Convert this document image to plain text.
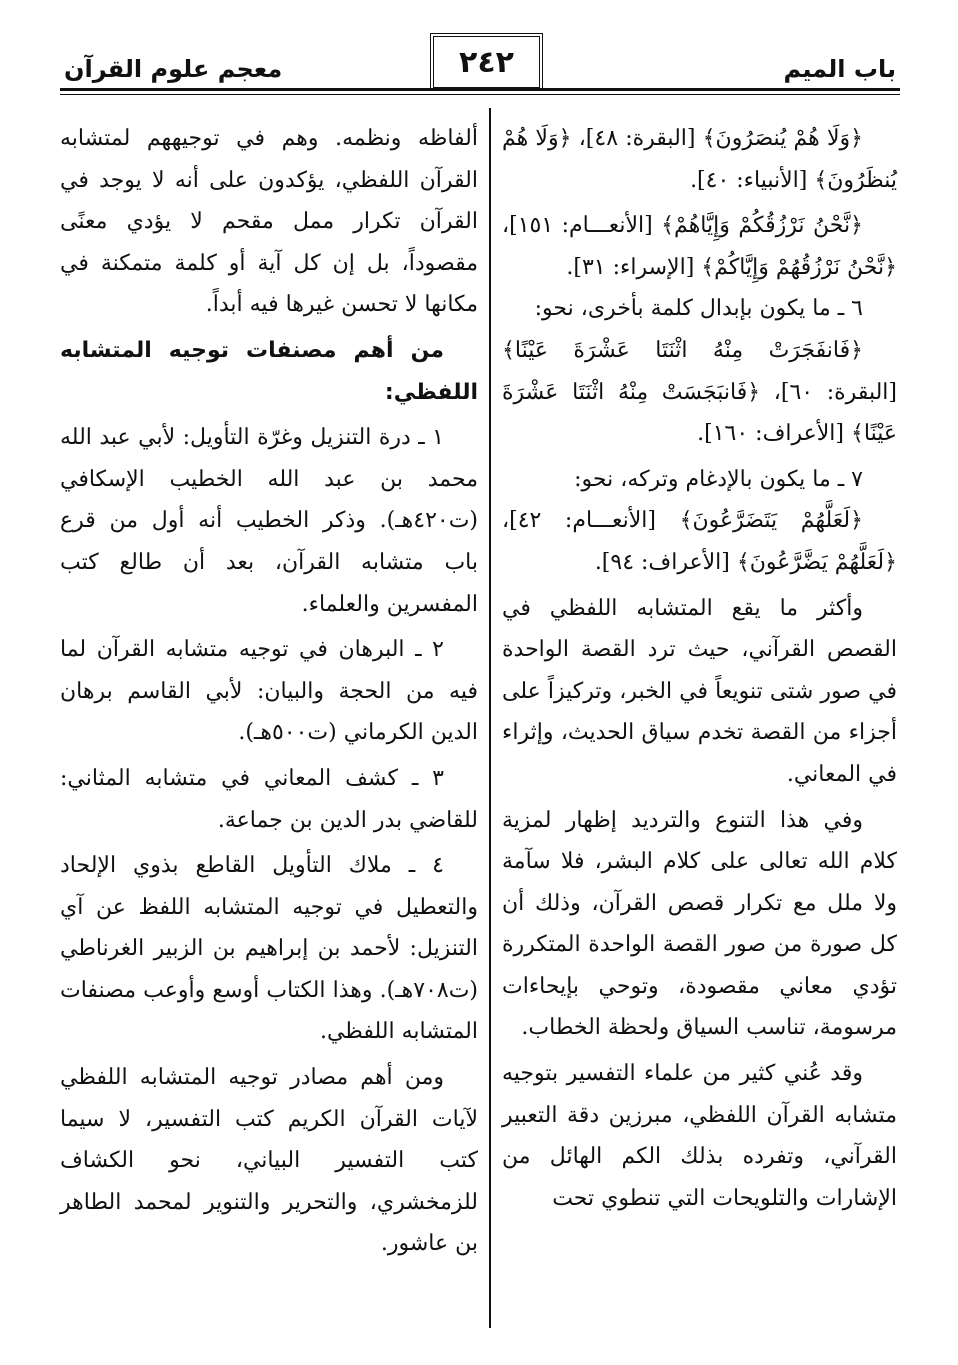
باب الميم
٢٤٢
معجم علوم القرآن

﴿وَلَا هُمْ يُنصَرُونَ﴾ [البقرة: ٤٨]، ﴿وَلَا هُمْ يُنظَرُونَ﴾ [الأنبياء: ٤٠].

﴿نَّحْنُ نَرْزُقُكُمْ وَإِيَّاهُمْ﴾ [الأنعـــام: ١٥١]، ﴿نَّحْنُ نَرْزُقُهُمْ وَإِيَّاكُمْ﴾ [الإسراء: ٣١].

٦ ـ ما يكون بإبدال كلمة بأخرى، نحو:

﴿فَانفَجَرَتْ مِنْهُ اثْنَتَا عَشْرَةَ عَيْنًا﴾ [البقرة: ٦٠]، ﴿فَانبَجَسَتْ مِنْهُ اثْنَتَا عَشْرَةَ عَيْنًا﴾ [الأعراف: ١٦٠].

٧ ـ ما يكون بالإدغام وتركه، نحو:

﴿لَعَلَّهُمْ يَتَضَرَّعُونَ﴾ [الأنعـــام: ٤٢]، ﴿لَعَلَّهُمْ يَضَّرَّعُونَ﴾ [الأعراف: ٩٤].

وأكثر ما يقع المتشابه اللفظي في القصص القرآني، حيث ترد القصة الواحدة في صور شتى تنويعاً في الخبر، وتركيزاً على أجزاء من القصة تخدم سياق الحديث، وإثراء في المعاني.

وفي هذا التنوع والترديد إظهار لمزية كلام الله تعالى على كلام البشر، فلا سآمة ولا ملل مع تكرار قصص القرآن، وذلك أن كل صورة من صور القصة الواحدة المتكررة تؤدي معاني مقصودة، وتوحي بإيحاءات مرسومة، تناسب السياق ولحظة الخطاب.

وقد عُني كثير من علماء التفسير بتوجيه متشابه القرآن اللفظي، مبرزين دقة التعبير القرآني، وتفرده بذلك الكم الهائل من الإشارات والتلويحات التي تنطوي تحت

ألفاظه ونظمه. وهم في توجيههم لمتشابه القرآن اللفظي، يؤكدون على أنه لا يوجد في القرآن تكرار ممل مقحم لا يؤدي معنًى مقصوداً، بل إن كل آية أو كلمة متمكنة في مكانها لا تحسن غيرها فيه أبداً.

من أهم مصنفات توجيه المتشابه اللفظي:

١ ـ درة التنزيل وغرّة التأويل: لأبي عبد الله محمد بن عبد الله الخطيب الإسكافي (ت٤٢٠هـ). وذكر الخطيب أنه أول من قرع باب متشابه القرآن، بعد أن طالع كتب المفسرين والعلماء.

٢ ـ البرهان في توجيه متشابه القرآن لما فيه من الحجة والبيان: لأبي القاسم برهان الدين الكرماني (ت٥٠٠هـ).

٣ ـ كشف المعاني في متشابه المثاني: للقاضي بدر الدين بن جماعة.

٤ ـ ملاك التأويل القاطع بذوي الإلحاد والتعطيل في توجيه المتشابه اللفظ عن آي التنزيل: لأحمد بن إبراهيم بن الزبير الغرناطي (ت٧٠٨هـ). وهذا الكتاب أوسع وأوعب مصنفات المتشابه اللفظي.

ومن أهم مصادر توجيه المتشابه اللفظي لآيات القرآن الكريم كتب التفسير، لا سيما كتب التفسير البياني، نحو الكشاف للزمخشري، والتحرير والتنوير لمحمد الطاهر بن عاشور.
